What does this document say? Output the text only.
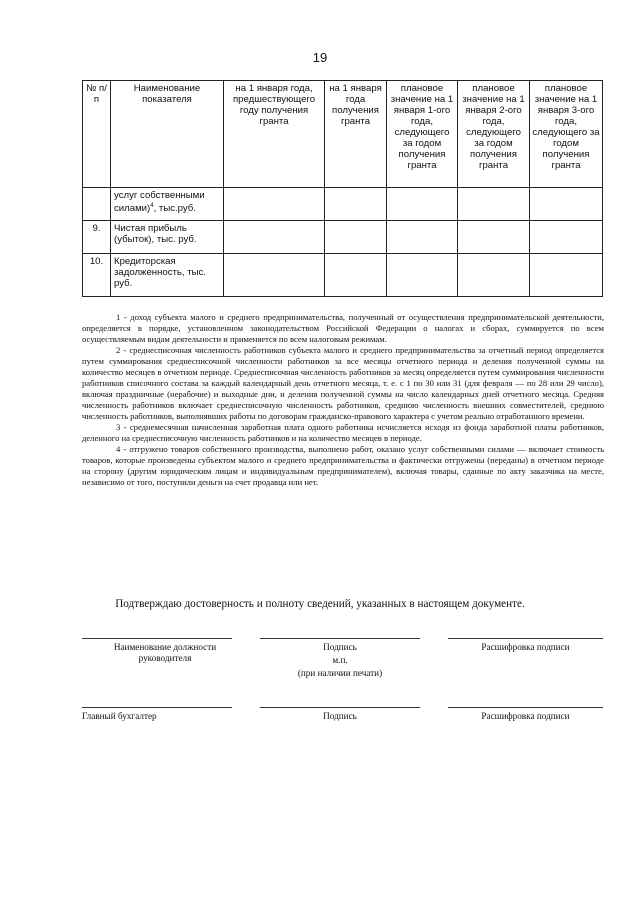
19
№ п/п	Наименование показателя	на 1 января года, предшествующего году получения гранта	на 1 января года получения гранта	плановое значение на 1 января 1-ого года, следующего за годом получения гранта	плановое значение на 1 января 2-ого года, следующего за годом получения гранта	плановое значение на 1 января 3-ого года, следующего за годом получения гранта
	услуг собственными силами)$^4$, тыс.руб.					
9.	Чистая прибыль (убыток), тыс. руб.					
10.	Кредиторская задолженность, тыс. руб.					

1 - доход субъекта малого и среднего предпринимательства, полученный от осуществления предпринимательской деятельности, определяется в порядке, установленном законодательством Российской Федерации о налогах и сборах, суммируется по всем осуществляемым видам деятельности и применяется по всем налоговым режимам.

2 - среднесписочная численность работников субъекта малого и среднего предпринимательства за отчетный период определяется путем суммирования среднесписочной численности работников за все месяцы отчетного периода и деления полученной суммы на количество месяцев в отчетном периоде. Среднесписочная численность работников за месяц определяется путем суммирования численности работников списочного состава за каждый календарный день отчетного месяца, т. е. с 1 по 30 или 31 (для февраля — по 28 или 29 число), включая праздничные (нерабочие) и выходные дни, и деления полученной суммы на число календарных дней отчетного месяца. Средняя численность работников включает среднесписочную численность работников, среднюю численность внешних совместителей, среднюю численность работников, выполнявших работы по договорам гражданско-правового характера с учетом реально отработанного времени.

3 - среднемесячная начисленная заработная плата одного работника исчисляется исходя из фонда заработной платы работников, деленного на среднесписочную численность работников и на количество месяцев в периоде.

4 - отгружено товаров собственного производства, выполнено работ, оказано услуг собственными силами — включает стоимость товаров, которые произведены субъектом малого и среднего предпринимательства и фактически отгружены (переданы) в отчетном периоде на сторону (другим юридическим лицам и индивидуальным предпринимателем), включая товары, сданные по акту заказчика на месте, независимо от того, поступили деньги на счет продавца или нет.

Подтверждаю достоверность и полноту сведений, указанных в настоящем документе.
Наименование должности руководителя
Подпись
м.п.
(при наличии печати)
Расшифровка подписи
Главный бухгалтер	Подпись	Расшифровка подписи
